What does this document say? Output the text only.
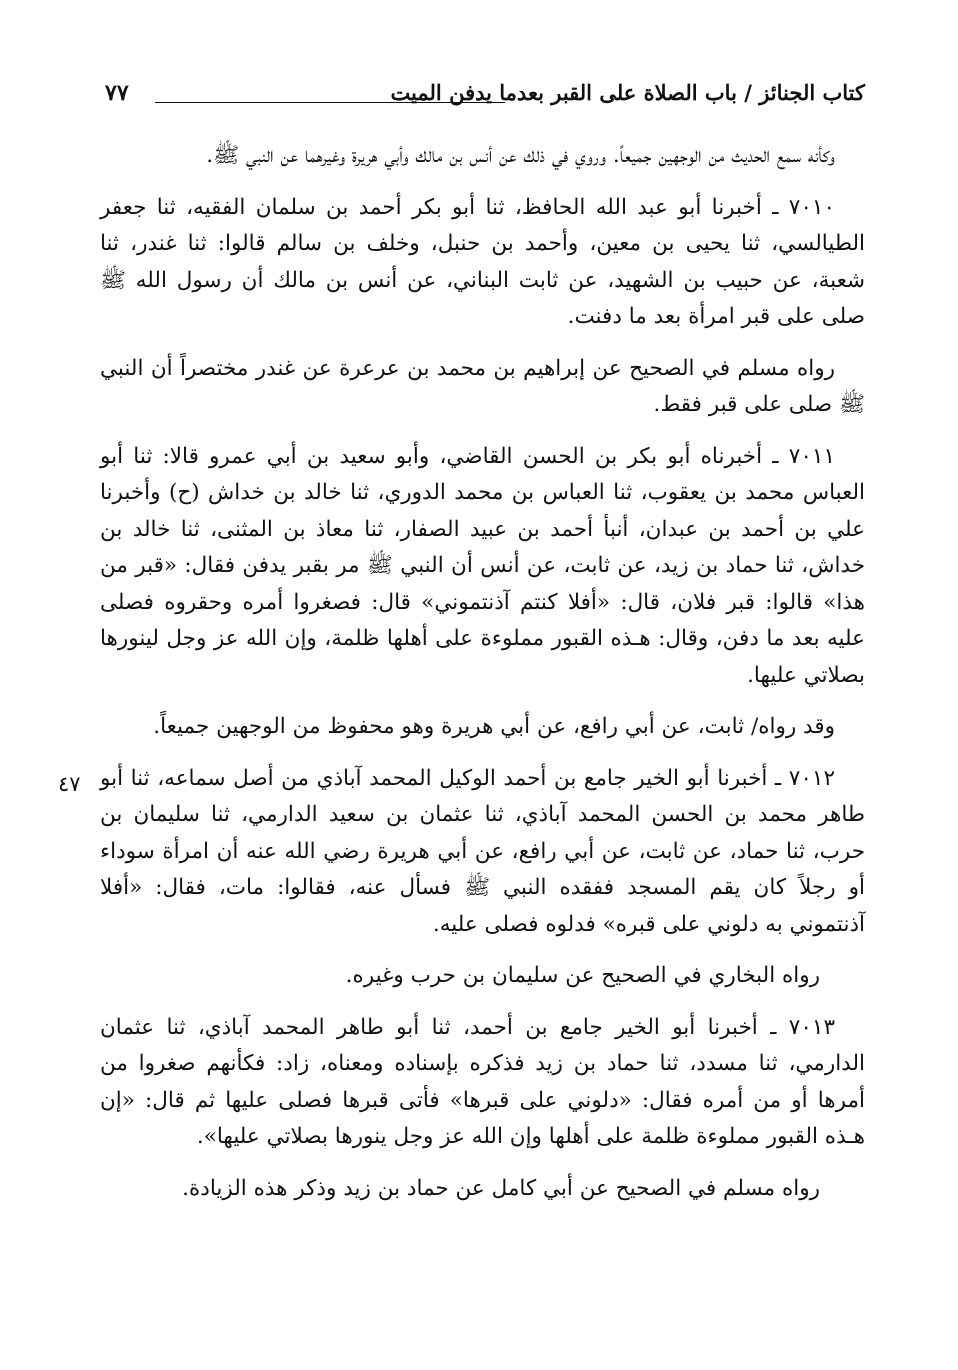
كتاب الجنائز / باب الصلاة على القبر بعدما يدفن الميت
٧٧
٤٧

وكأنه سمع الحديث من الوجهين جميعاً. وروي في ذلك عن أنس بن مالك وأبي هريرة وغيرهما عن النبي ﷺ.

٧٠١٠ ـ أخبرنا أبو عبد الله الحافظ، ثنا أبو بكر أحمد بن سلمان الفقيه، ثنا جعفر الطيالسي، ثنا يحيى بن معين، وأحمد بن حنبل، وخلف بن سالم قالوا: ثنا غندر، ثنا شعبة، عن حبيب بن الشهيد، عن ثابت البناني، عن أنس بن مالك أن رسول الله ﷺ صلى على قبر امرأة بعد ما دفنت.

رواه مسلم في الصحيح عن إبراهيم بن محمد بن عرعرة عن غندر مختصراً أن النبي ﷺ صلى على قبر فقط.

٧٠١١ ـ أخبرناه أبو بكر بن الحسن القاضي، وأبو سعيد بن أبي عمرو قالا: ثنا أبو العباس محمد بن يعقوب، ثنا العباس بن محمد الدوري، ثنا خالد بن خداش (ح) وأخبرنا علي بن أحمد بن عبدان، أنبأ أحمد بن عبيد الصفار، ثنا معاذ بن المثنى، ثنا خالد بن خداش، ثنا حماد بن زيد، عن ثابت، عن أنس أن النبي ﷺ مر بقبر يدفن فقال: «قبر من هذا» قالوا: قبر فلان، قال: «أفلا كنتم آذنتموني» قال: فصغروا أمره وحقروه فصلى عليه بعد ما دفن، وقال: هـذه القبور مملوءة على أهلها ظلمة، وإن الله عز وجل لينورها بصلاتي عليها.

وقد رواه/ ثابت، عن أبي رافع، عن أبي هريرة وهو محفوظ من الوجهين جميعاً.

٧٠١٢ ـ أخبرنا أبو الخير جامع بن أحمد الوكيل المحمد آباذي من أصل سماعه، ثنا أبو طاهر محمد بن الحسن المحمد آباذي، ثنا عثمان بن سعيد الدارمي، ثنا سليمان بن حرب، ثنا حماد، عن ثابت، عن أبي رافع، عن أبي هريرة رضي الله عنه أن امرأة سوداء أو رجلاً كان يقم المسجد ففقده النبي ﷺ فسأل عنه، فقالوا: مات، فقال: «أفلا آذنتموني به دلوني على قبره» فدلوه فصلى عليه.

رواه البخاري في الصحيح عن سليمان بن حرب وغيره.

٧٠١٣ ـ أخبرنا أبو الخير جامع بن أحمد، ثنا أبو طاهر المحمد آباذي، ثنا عثمان الدارمي، ثنا مسدد، ثنا حماد بن زيد فذكره بإسناده ومعناه، زاد: فكأنهم صغروا من أمرها أو من أمره فقال: «دلوني على قبرها» فأتى قبرها فصلى عليها ثم قال: «إن هـذه القبور مملوءة ظلمة على أهلها وإن الله عز وجل ينورها بصلاتي عليها».

رواه مسلم في الصحيح عن أبي كامل عن حماد بن زيد وذكر هذه الزيادة.
